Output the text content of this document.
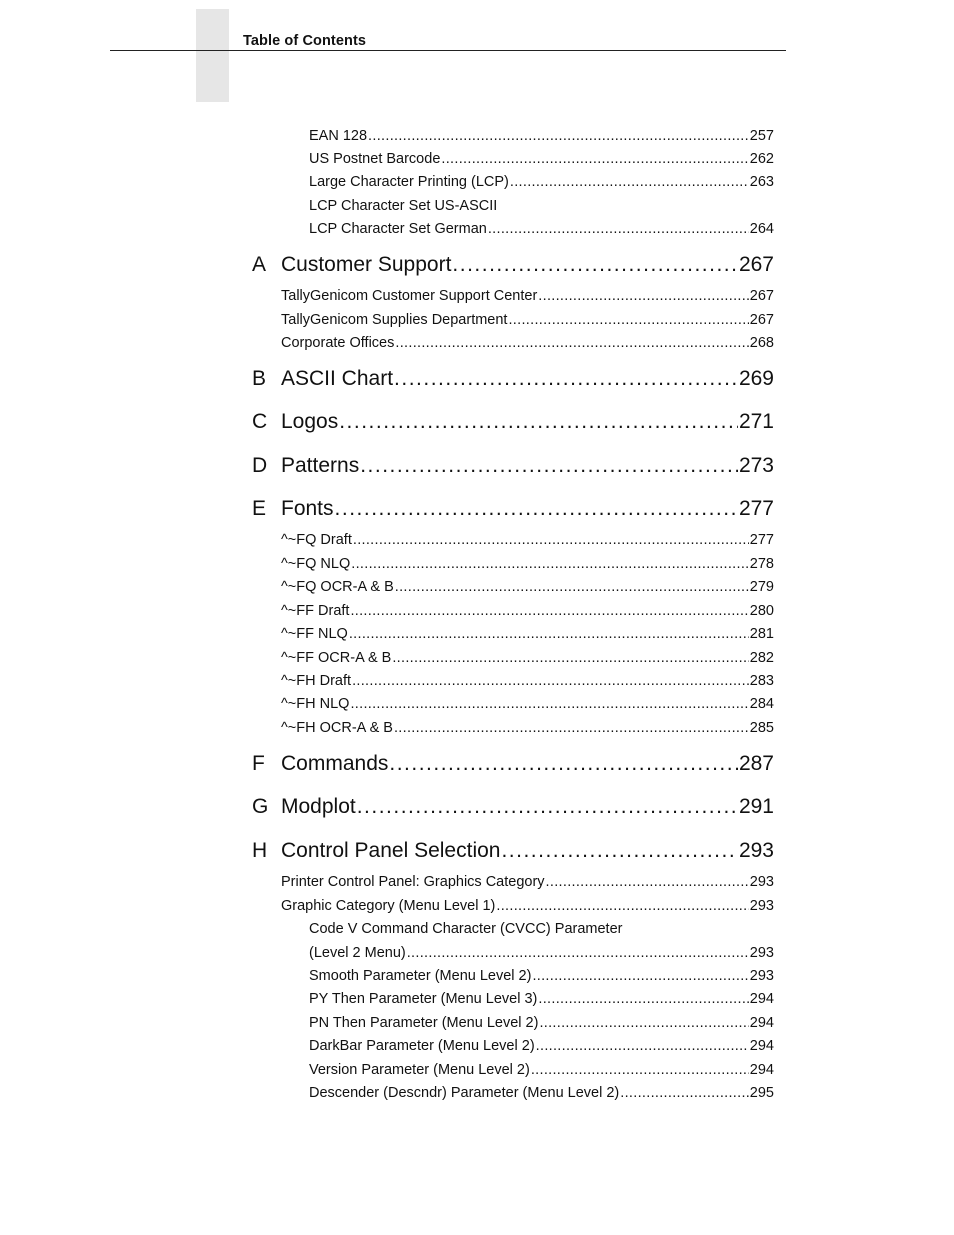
Table of Contents
EAN 128 .....	257
US Postnet Barcode .....	262
Large Character Printing (LCP) .....	263
LCP Character Set US-ASCII
LCP Character Set German .....	264
A Customer Support .....	267
TallyGenicom Customer Support Center .....	267
TallyGenicom Supplies Department .....	267
Corporate Offices .....	268
B ASCII Chart .....	269
C Logos .....	271
D Patterns .....	273
E Fonts .....	277
^~FQ Draft .....	277
^~FQ NLQ .....	278
^~FQ OCR-A & B .....	279
^~FF Draft .....	280
^~FF NLQ .....	281
^~FF OCR-A & B .....	282
^~FH Draft .....	283
^~FH NLQ .....	284
^~FH OCR-A & B .....	285
F Commands .....	287
G Modplot .....	291
H Control Panel Selection .....	293
Printer Control Panel: Graphics Category .....	293
Graphic Category (Menu Level 1) .....	293
Code V Command Character (CVCC) Parameter
(Level 2 Menu) .....	293
Smooth Parameter (Menu Level 2) .....	293
PY Then Parameter (Menu Level 3) .....	294
PN Then Parameter (Menu Level 2) .....	294
DarkBar Parameter (Menu Level 2) .....	294
Version Parameter (Menu Level 2) .....	294
Descender (Descndr) Parameter (Menu Level 2) .....	295
